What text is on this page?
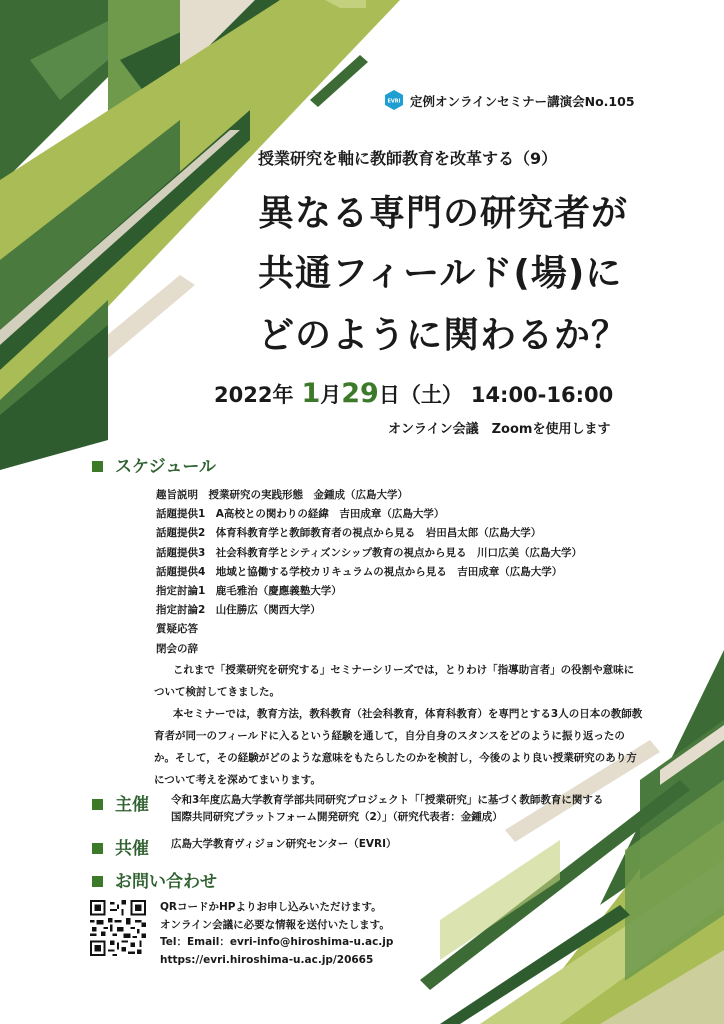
EVRI 定例オンラインセミナー講演会No.105
授業研究を軸に教師教育を改革する（9）
異なる専門の研究者が
共通フィールド(場)に
どのように関わるか？
2022年 1月29日（土） 14:00-16:00
オンライン会議　Zoomを使用します
スケジュール
趣旨説明　授業研究の実践形態　金鍾成（広島大学）
話題提供1　A高校との関わりの経緯　吉田成章（広島大学）
話題提供2　体育科教育学と教師教育者の視点から見る　岩田昌太郎（広島大学）
話題提供3　社会科教育学とシティズンシップ教育の視点から見る　川口広美（広島大学）
話題提供4　地域と協働する学校カリキュラムの視点から見る　吉田成章（広島大学）
指定討論1　鹿毛雅治（慶應義塾大学）
指定討論2　山住勝広（関西大学）
質疑応答
閉会の辞

これまで「授業研究を研究する」セミナーシリーズでは，とりわけ「指導助言者」の役割や意味について検討してきました。

本セミナーでは，教育方法，教科教育（社会科教育，体育科教育）を専門とする3人の日本の教師教育者が同一のフィールドに入るという経験を通して，自分自身のスタンスをどのように振り返ったのか。そして，その経験がどのような意味をもたらしたのかを検討し，今後のより良い授業研究のあり方について考えを深めてまいります。

主催 令和3年度広島大学教育学部共同研究プロジェクト「「授業研究」に基づく教師教育に関する
国際共同研究プラットフォーム開発研究（2）」（研究代表者：金鍾成）
共催 広島大学教育ヴィジョン研究センター（EVRI）
お問い合わせ
QRコードかHPよりお申し込みいただけます。
オンライン会議に必要な情報を送付いたします。
Tel：Email：evri-info@hiroshima-u.ac.jp
https://evri.hiroshima-u.ac.jp/20665
